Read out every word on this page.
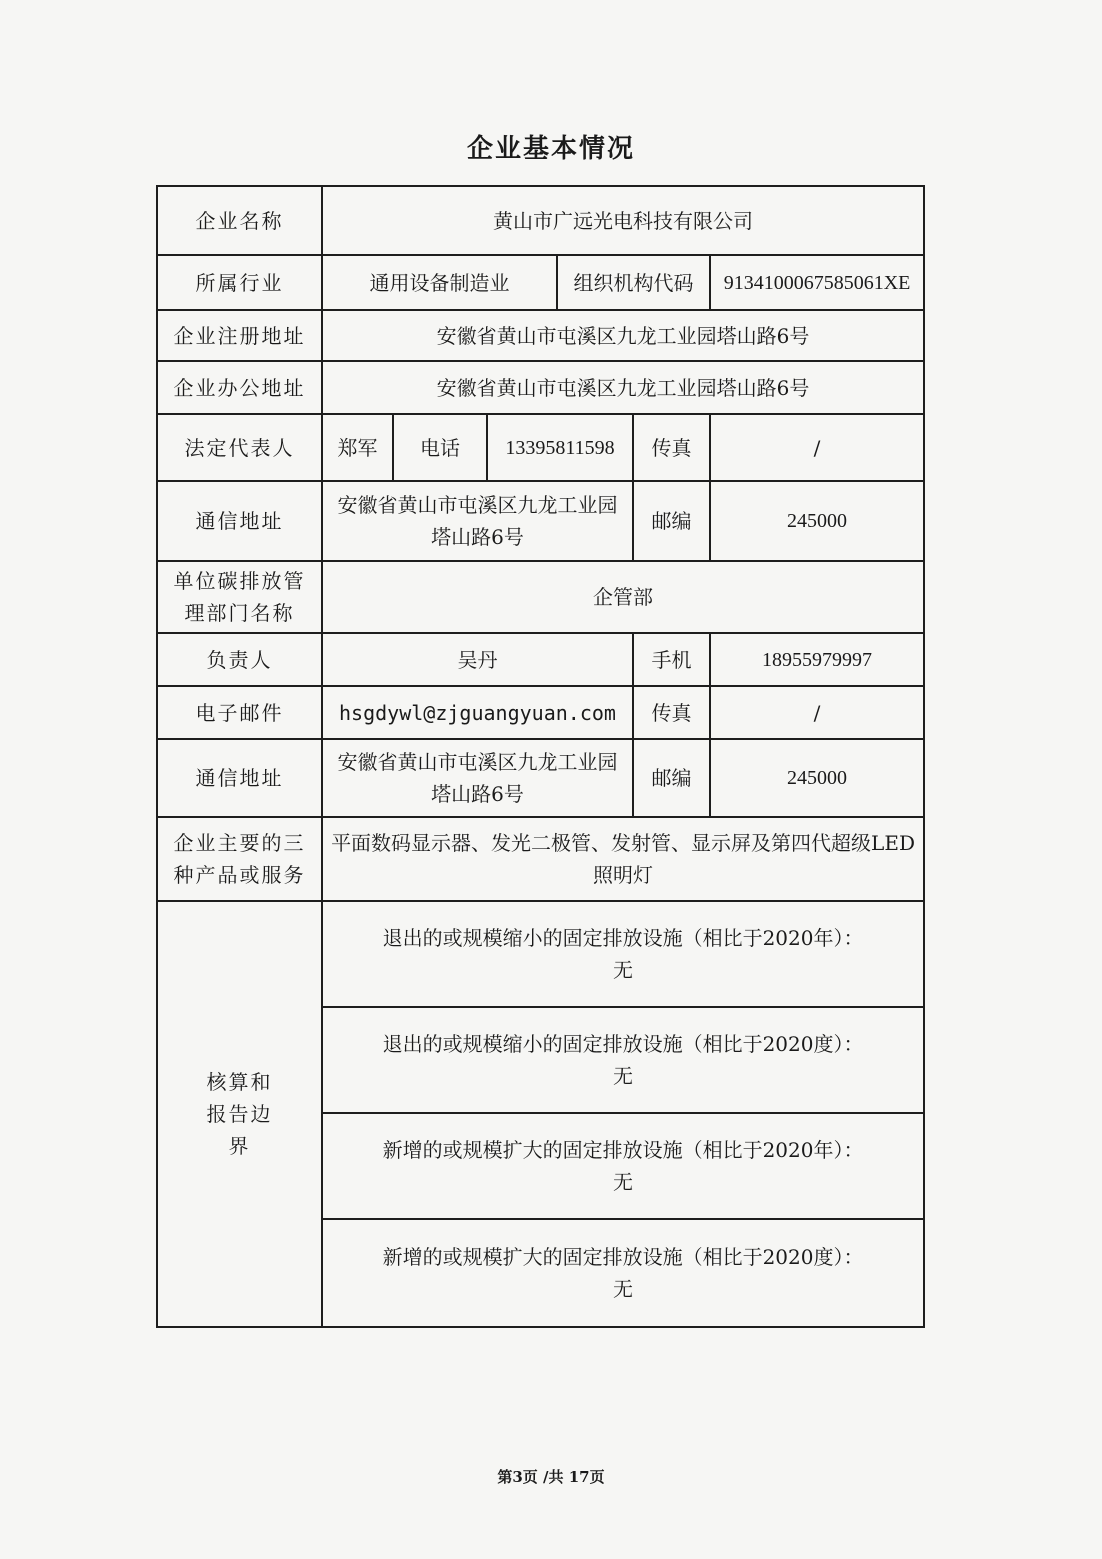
企业基本情况
企业名称	黄山市广远光电科技有限公司					
所属行业	通用设备制造业			组织机构代码		9134100067585061XE
企业注册地址	安徽省黄山市屯溪区九龙工业园塔山路6号					
企业办公地址	安徽省黄山市屯溪区九龙工业园塔山路6号					
法定代表人	郑军	电话	13395811598		传真	/
通信地址	安徽省黄山市屯溪区九龙工业园塔山路6号				邮编	245000
单位碳排放管理部门名称	企管部					
负责人	吴丹				手机	18955979997
电子邮件	hsgdywl@zjguangyuan.com				传真	/
通信地址	安徽省黄山市屯溪区九龙工业园塔山路6号				邮编	245000
企业主要的三种产品或服务	平面数码显示器、发光二极管、发射管、显示屏及第四代超级LED照明灯					
核算和报告边界	退出的或规模缩小的固定排放设施（相比于2020年）：
无					

	退出的或规模缩小的固定排放设施（相比于2020度）：
无					

	新增的或规模扩大的固定排放设施（相比于2020年）：
无					

	新增的或规模扩大的固定排放设施（相比于2020度）：
无					
第3页 /共 17页
